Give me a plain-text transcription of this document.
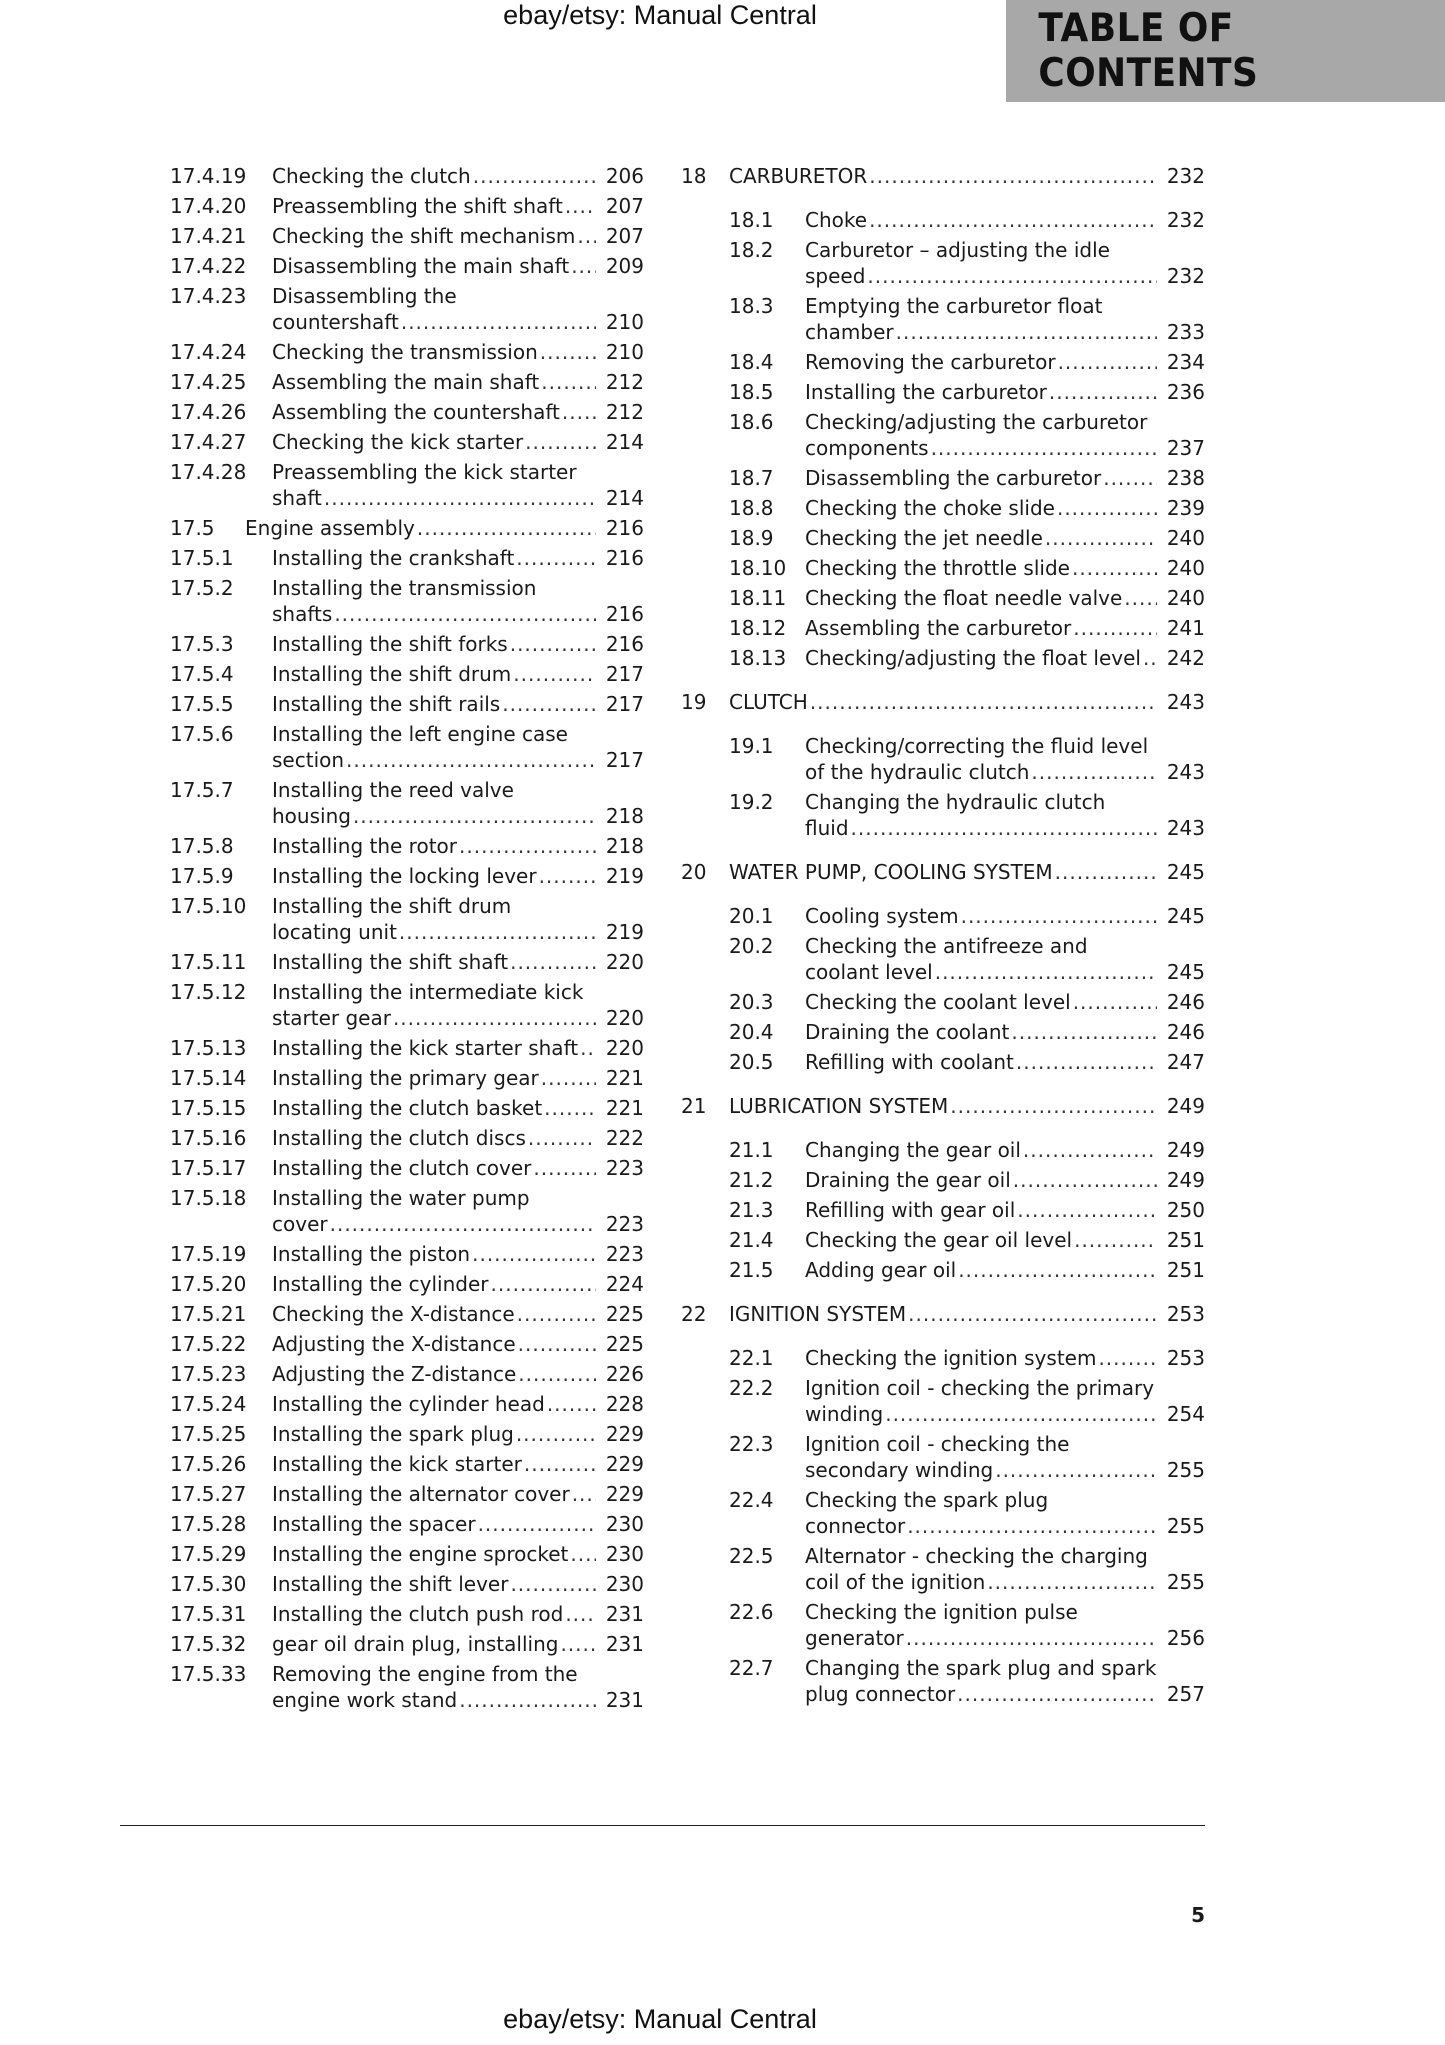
ebay/etsy: Manual Central	TABLE OF CONTENTS
17.4.19 Checking the clutch .....	206
17.4.20 Preassembling the shift shaft ..... 207
17.4.21 Checking the shift mechanism ..... 207
17.4.22 Disassembling the main shaft ..... 209
17.4.23 Disassembling the
countershaft .....	210
17.4.24 Checking the transmission .....	210
17.4.25 Assembling the main shaft .....	212
17.4.26 Assembling the countershaft ..... 212
17.4.27 Checking the kick starter .....	214
17.4.28 Preassembling the kick starter
shaft .....	214
17.5 Engine assembly .....	216
17.5.1 Installing the crankshaft .....	216
17.5.2 Installing the transmission
shafts .....	216
17.5.3 Installing the shift forks .....	216
17.5.4 Installing the shift drum .....	217
17.5.5 Installing the shift rails .....	217
17.5.6 Installing the left engine case
section .....	217
17.5.7 Installing the reed valve
housing .....	218
17.5.8 Installing the rotor .....	218
17.5.9 Installing the locking lever .....	219
17.5.10 Installing the shift drum
locating unit .....	219
17.5.11 Installing the shift shaft .....	220
17.5.12 Installing the intermediate kick
starter gear .....	220
17.5.13 Installing the kick starter shaft ..... 220
17.5.14 Installing the primary gear .....	221
17.5.15 Installing the clutch basket .....	221
17.5.16 Installing the clutch discs .....	222
17.5.17 Installing the clutch cover .....	223
17.5.18 Installing the water pump
cover .....	223
17.5.19 Installing the piston .....	223
17.5.20 Installing the cylinder .....	224
17.5.21 Checking the X-distance .....	225
17.5.22 Adjusting the X-distance .....	225
17.5.23 Adjusting the Z-distance .....	226
17.5.24 Installing the cylinder head .....	228
17.5.25 Installing the spark plug .....	229
17.5.26 Installing the kick starter .....	229
17.5.27 Installing the alternator cover ..... 229
17.5.28 Installing the spacer .....	230
17.5.29 Installing the engine sprocket ..... 230
17.5.30 Installing the shift lever .....	230
17.5.31 Installing the clutch push rod ..... 231
17.5.32 gear oil drain plug, installing ..... 231
17.5.33 Removing the engine from the
engine work stand .....	231
18 CARBURETOR .....	232
18.1 Choke .....	232
18.2 Carburetor – adjusting the idle
speed .....	232
18.3 Emptying the carburetor float
chamber .....	233
18.4 Removing the carburetor .....	234
18.5 Installing the carburetor .....	236
18.6 Checking/adjusting the carburetor
components .....	237
18.7 Disassembling the carburetor .....	238
18.8 Checking the choke slide .....	239
18.9 Checking the jet needle .....	240
18.10 Checking the throttle slide .....	240
18.11 Checking the float needle valve ..... 240
18.12 Assembling the carburetor .....	241
18.13 Checking/adjusting the float level ..... 242
19 CLUTCH .....	243
19.1 Checking/correcting the fluid level
of the hydraulic clutch .....	243
19.2 Changing the hydraulic clutch
fluid .....	243
20 WATER PUMP, COOLING SYSTEM .....	245
20.1 Cooling system .....	245
20.2 Checking the antifreeze and
coolant level .....	245
20.3 Checking the coolant level .....	246
20.4 Draining the coolant .....	246
20.5 Refilling with coolant .....	247
21 LUBRICATION SYSTEM .....	249
21.1 Changing the gear oil .....	249
21.2 Draining the gear oil .....	249
21.3 Refilling with gear oil .....	250
21.4 Checking the gear oil level .....	251
21.5 Adding gear oil .....	251
22 IGNITION SYSTEM .....	253
22.1 Checking the ignition system .....	253
22.2 Ignition coil - checking the primary
winding .....	254
22.3 Ignition coil - checking the
secondary winding .....	255
22.4 Checking the spark plug
connector .....	255
22.5 Alternator - checking the charging
coil of the ignition .....	255
22.6 Checking the ignition pulse
generator .....	256
22.7 Changing the spark plug and spark
plug connector .....	257
5
ebay/etsy: Manual Central
